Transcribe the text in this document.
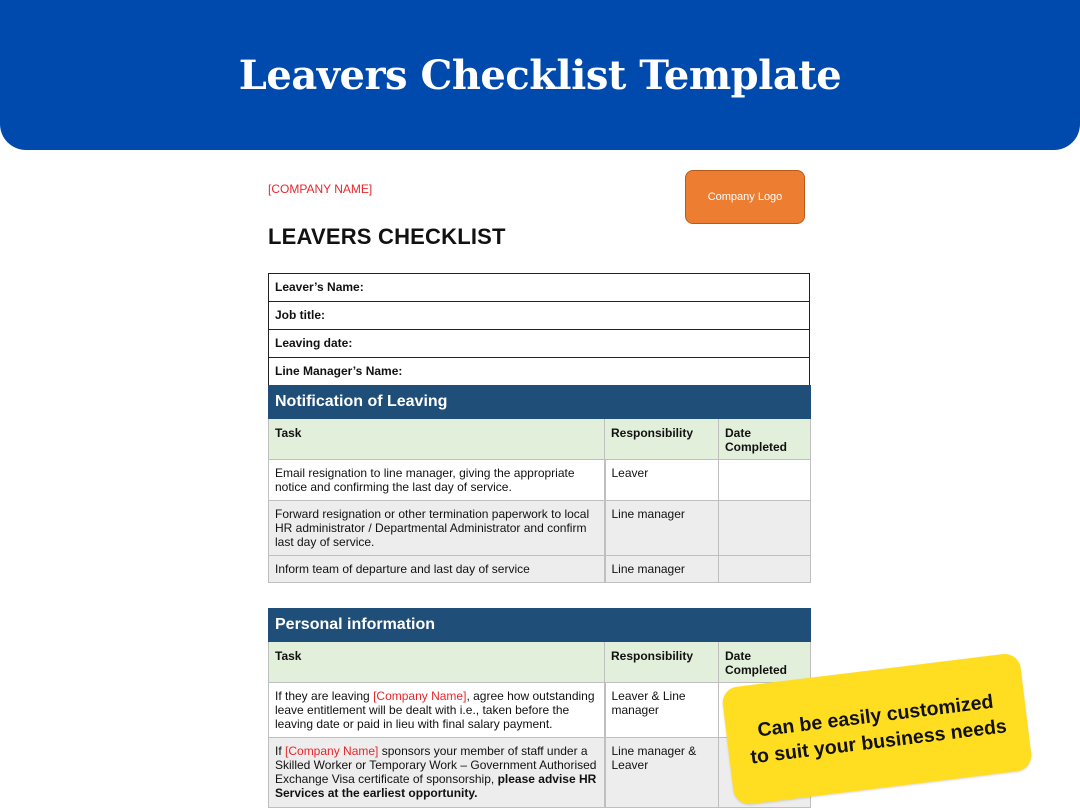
Leavers Checklist Template
[COMPANY NAME]
Company Logo
LEAVERS CHECKLIST
Leaver’s Name:
Job title:
Leaving date:
Line Manager’s Name:
Notification of Leaving		
Task	Responsibility	Date Completed
Email resignation to line manager, giving the appropriate notice and confirming the last day of service.	Leaver	
Forward resignation or other termination paperwork to local HR administrator / Departmental Administrator and confirm last day of service.	Line manager	
Inform team of departure and last day of service	Line manager	
Personal information		
Task	Responsibility	Date Completed
If they are leaving [Company Name], agree how outstanding leave entitlement will be dealt with i.e., taken before the leaving date or paid in lieu with final salary payment.	Leaver & Line manager	
If [Company Name] sponsors your member of staff under a Skilled Worker or Temporary Work – Government Authorised Exchange Visa certificate of sponsorship, please advise HR Services at the earliest opportunity.	Line manager & Leaver	
Can be easily customized to suit your business needs
